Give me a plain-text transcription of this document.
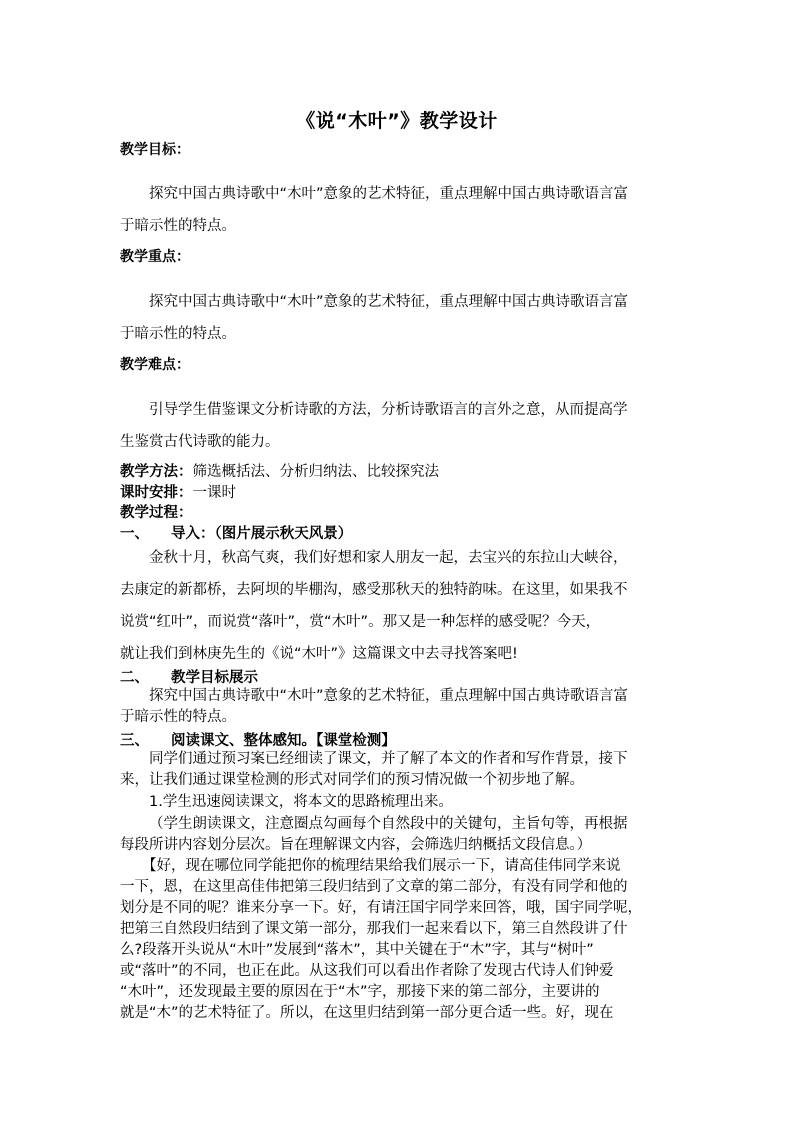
《说“木叶”》教学设计
教学目标：
探究中国古典诗歌中“木叶”意象的艺术特征，重点理解中国古典诗歌语言富
于暗示性的特点。
教学重点：
探究中国古典诗歌中“木叶”意象的艺术特征，重点理解中国古典诗歌语言富
于暗示性的特点。
教学难点：
引导学生借鉴课文分析诗歌的方法，分析诗歌语言的言外之意，从而提高学
生鉴赏古代诗歌的能力。
教学方法：筛选概括法、分析归纳法、比较探究法
课时安排：一课时
教学过程：
一、 导入：（图片展示秋天风景）
金秋十月，秋高气爽，我们好想和家人朋友一起，去宝兴的东拉山大峡谷，
去康定的新都桥，去阿坝的毕棚沟，感受那秋天的独特韵味。在这里，如果我不
说赏“红叶”，而说赏“落叶”，赏“木叶”。那又是一种怎样的感受呢？今天，
就让我们到林庚先生的《说“木叶”》这篇课文中去寻找答案吧!
二、 教学目标展示
探究中国古典诗歌中“木叶”意象的艺术特征，重点理解中国古典诗歌语言富
于暗示性的特点。
三、 阅读课文、整体感知。【课堂检测】
同学们通过预习案已经细读了课文，并了解了本文的作者和写作背景，接下
来，让我们通过课堂检测的形式对同学们的预习情况做一个初步地了解。
1.学生迅速阅读课文，将本文的思路梳理出来。
（学生朗读课文，注意圈点勾画每个自然段中的关键句，主旨句等，再根据
每段所讲内容划分层次。旨在理解课文内容，会筛选归纳概括文段信息。）
【好，现在哪位同学能把你的梳理结果给我们展示一下，请高佳伟同学来说
一下，恩，在这里高佳伟把第三段归结到了文章的第二部分，有没有同学和他的
划分是不同的呢？谁来分享一下。好，有请汪国宇同学来回答，哦，国宇同学呢，
把第三自然段归结到了课文第一部分，那我们一起来看以下，第三自然段讲了什
么?段落开头说从“木叶”发展到“落木”，其中关键在于“木”字，其与“树叶”
或“落叶”的不同，也正在此。从这我们可以看出作者除了发现古代诗人们钟爱
“木叶”，还发现最主要的原因在于“木”字，那接下来的第二部分，主要讲的
就是“木”的艺术特征了。所以，在这里归结到第一部分更合适一些。好，现在
